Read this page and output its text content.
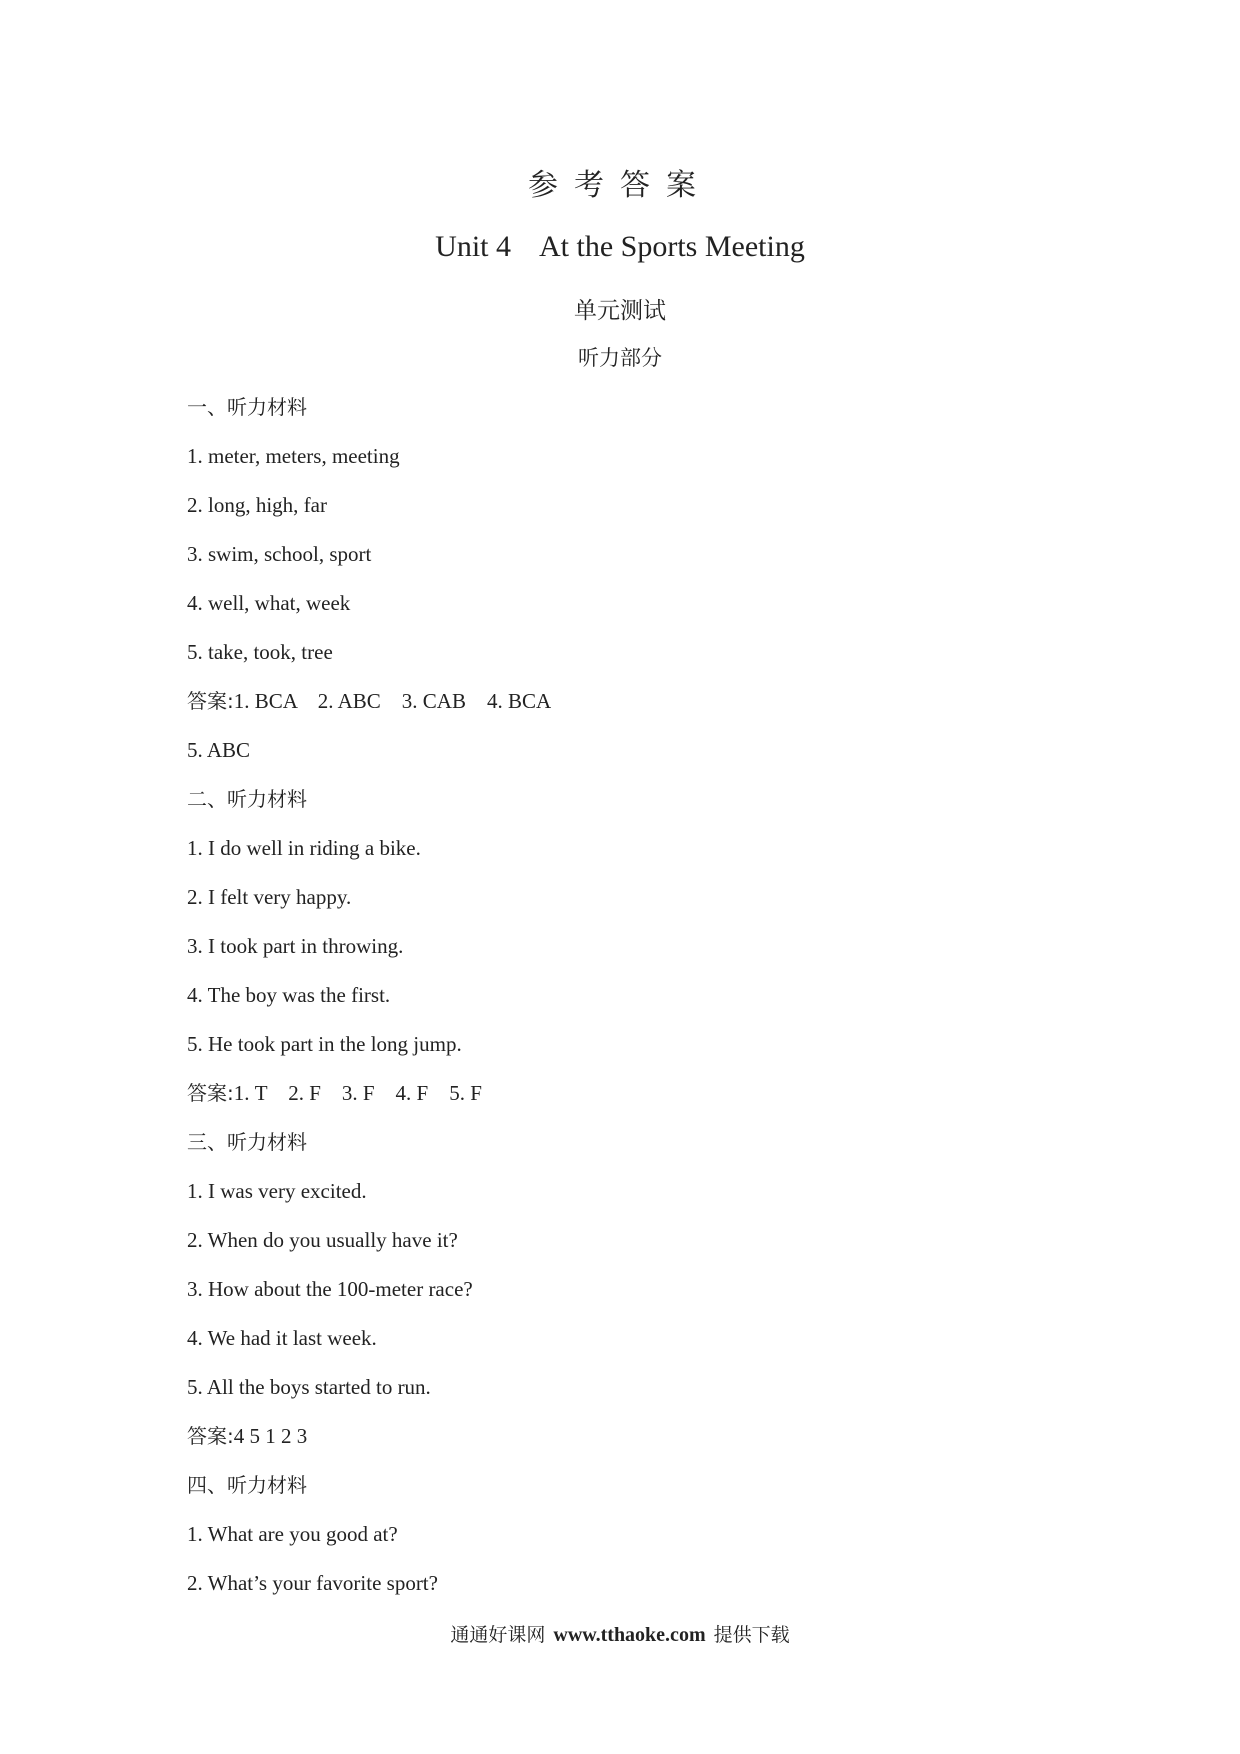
参考答案
Unit 4 At the Sports Meeting
单元测试
听力部分
一、听力材料
1. meter, meters, meeting
2. long, high, far
3. swim, school, sport
4. well, what, week
5. take, took, tree
答案:1. BCA    2. ABC    3. CAB    4. BCA
5. ABC
二、听力材料
1. I do well in riding a bike.
2. I felt very happy.
3. I took part in throwing.
4. The boy was the first.
5. He took part in the long jump.
答案:1. T    2. F    3. F    4. F    5. F
三、听力材料
1. I was very excited.
2. When do you usually have it?
3. How about the 100-meter race?
4. We had it last week.
5. All the boys started to run.
答案:4 5 1 2 3
四、听力材料
1. What are you good at?
2. What’s your favorite sport?
通通好课网 www.tthaoke.com 提供下载
